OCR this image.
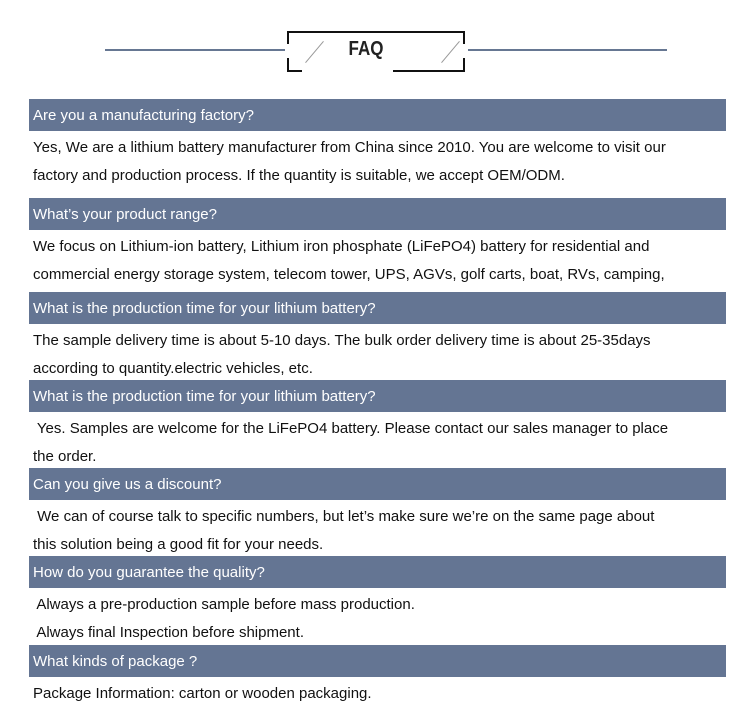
FAQ
Are you a manufacturing factory?
Yes, We are a lithium battery manufacturer from China since 2010. You are welcome to visit our
factory and production process. If the quantity is suitable, we accept OEM/ODM.
What’s your product range?
We focus on Lithium-ion battery, Lithium iron phosphate (LiFePO4) battery for residential and
commercial energy storage system, telecom tower, UPS, AGVs, golf carts, boat, RVs, camping,
What is the production time for your lithium battery?
The sample delivery time is about 5-10 days. The bulk order delivery time is about 25-35days
according to quantity.electric vehicles, etc.
What is the production time for your lithium battery?
Yes. Samples are welcome for the LiFePO4 battery. Please contact our sales manager to place
the order.
Can you give us a discount?
We can of course talk to specific numbers, but let’s make sure we’re on the same page about
this solution being a good fit for your needs.
How do you guarantee the quality?
Always a pre-production sample before mass production.
Always final Inspection before shipment.
What kinds of package ?
Package Information: carton or wooden packaging.
